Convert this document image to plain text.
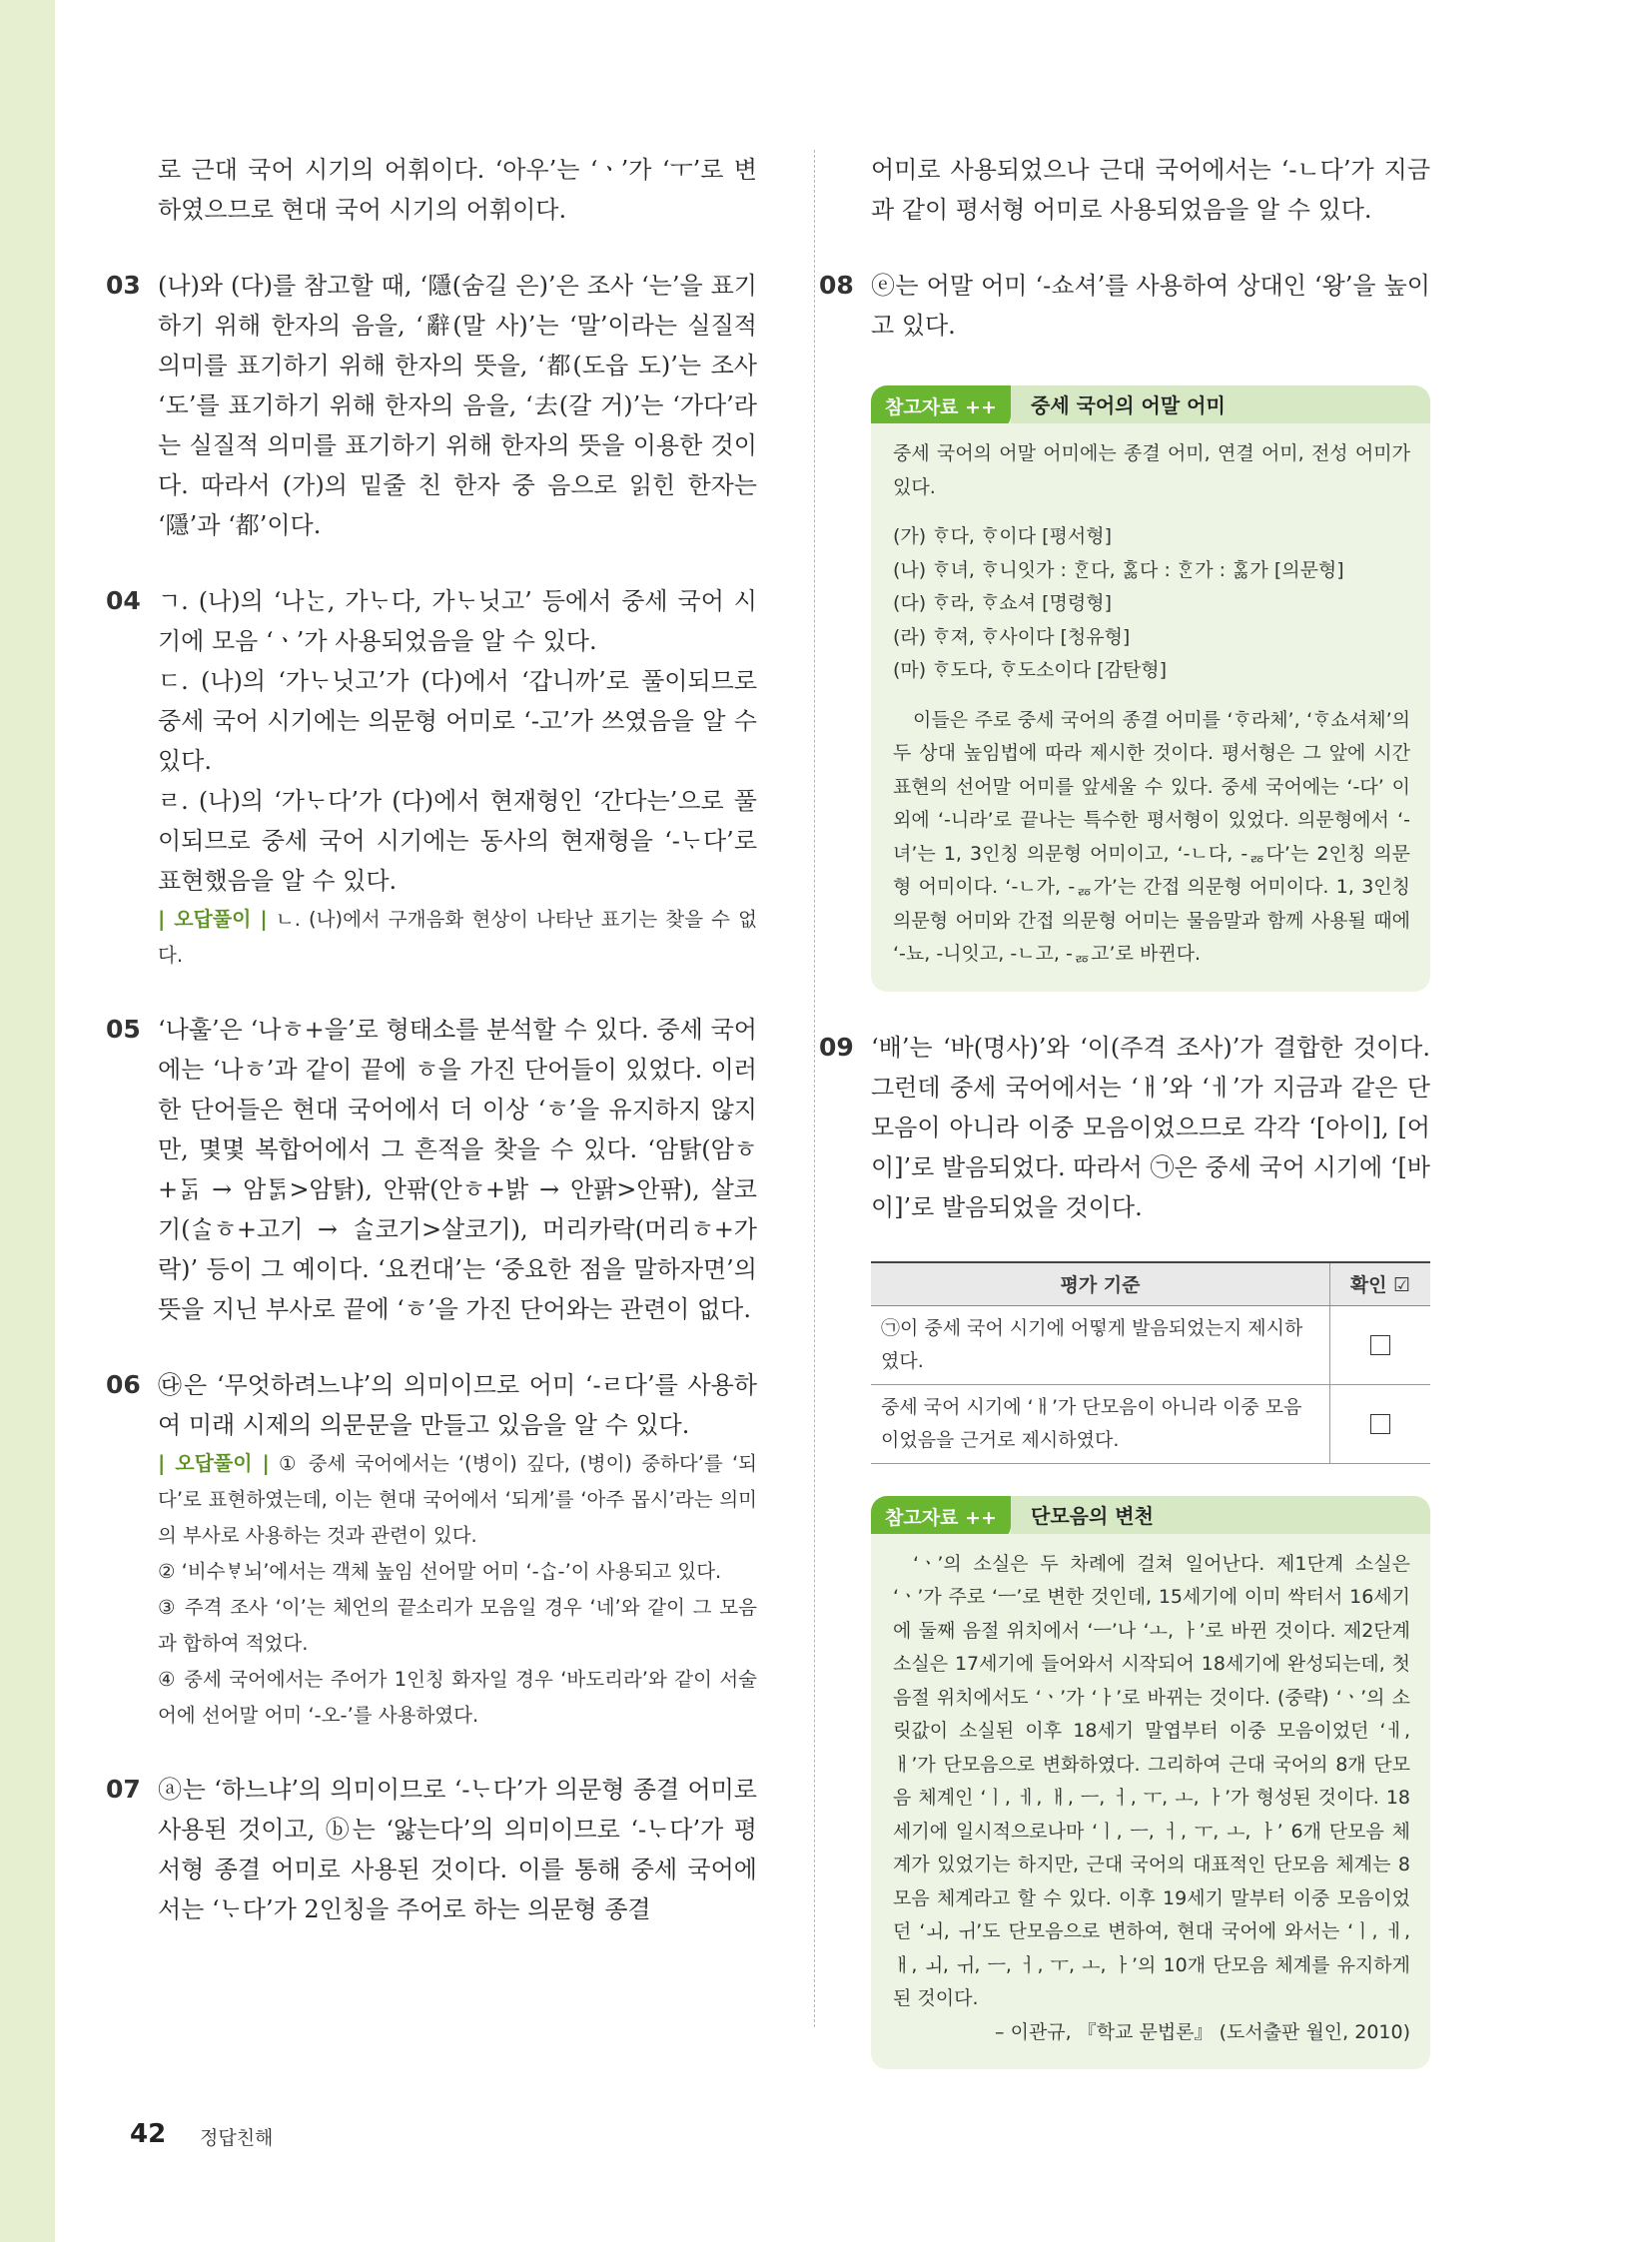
로 근대 국어 시기의 어휘이다. ‘아우’는 ‘ㆍ’가 ‘ㅜ’로 변하였으므로 현대 국어 시기의 어휘이다.

03 (나)와 (다)를 참고할 때, ‘隱(숨길 은)’은 조사 ‘는’을 표기하기 위해 한자의 음을, ‘辭(말 사)’는 ‘말’이라는 실질적 의미를 표기하기 위해 한자의 뜻을, ‘都(도읍 도)’는 조사 ‘도’를 표기하기 위해 한자의 음을, ‘去(갈 거)’는 ‘가다’라는 실질적 의미를 표기하기 위해 한자의 뜻을 이용한 것이다. 따라서 (가)의 밑줄 친 한자 중 음으로 읽힌 한자는 ‘隱’과 ‘都’이다.

04 ㄱ. (나)의 ‘나ᄂᆞᆫ, 가ᄂᆞ다, 가ᄂᆞ닛고’ 등에서 중세 국어 시기에 모음 ‘ㆍ’가 사용되었음을 알 수 있다.

ㄷ. (나)의 ‘가ᄂᆞ닛고’가 (다)에서 ‘갑니까’로 풀이되므로 중세 국어 시기에는 의문형 어미로 ‘-고’가 쓰였음을 알 수 있다.

ㄹ. (나)의 ‘가ᄂᆞ다’가 (다)에서 현재형인 ‘간다는’으로 풀이되므로 중세 국어 시기에는 동사의 현재형을 ‘-ᄂᆞ다’로 표현했음을 알 수 있다.

| 오답풀이 | ㄴ. (나)에서 구개음화 현상이 나타난 표기는 찾을 수 없다.

05 ‘나훌’은 ‘나ㅎ+을’로 형태소를 분석할 수 있다. 중세 국어에는 ‘나ㅎ’과 같이 끝에 ㅎ을 가진 단어들이 있었다. 이러한 단어들은 현대 국어에서 더 이상 ‘ㅎ’을 유지하지 않지만, 몇몇 복합어에서 그 흔적을 찾을 수 있다. ‘암탉(암ㅎ+ᄃᆞᆰ → 암ᄐᆞᆰ>암탉), 안팎(안ㅎ+밝 → 안팕>안팎), 살코기(ᄉᆞᆯㅎ+고기 → ᄉᆞᆯ코기>살코기), 머리카락(머리ㅎ+가락)’ 등이 그 예이다. ‘요컨대’는 ‘중요한 점을 말하자면’의 뜻을 지닌 부사로 끝에 ‘ㅎ’을 가진 단어와는 관련이 없다.

06 ㉰은 ‘무엇하려느냐’의 의미이므로 어미 ‘-ㄹ다’를 사용하여 미래 시제의 의문문을 만들고 있음을 알 수 있다.

| 오답풀이 | ① 중세 국어에서는 ‘(병이) 깊다, (병이) 중하다’를 ‘되다’로 표현하였는데, 이는 현대 국어에서 ‘되게’를 ‘아주 몹시’라는 의미의 부사로 사용하는 것과 관련이 있다.

② ‘비수ᄫᆞ뇌’에서는 객체 높임 선어말 어미 ‘-ᄉᆞᆸ-’이 사용되고 있다.

③ 주격 조사 ‘이’는 체언의 끝소리가 모음일 경우 ‘네’와 같이 그 모음과 합하여 적었다.

④ 중세 국어에서는 주어가 1인칭 화자일 경우 ‘바도리라’와 같이 서술어에 선어말 어미 ‘-오-’를 사용하였다.

07 ⓐ는 ‘하느냐’의 의미이므로 ‘-ᄂᆞ다’가 의문형 종결 어미로 사용된 것이고, ⓑ는 ‘앓는다’의 의미이므로 ‘-ᄂᆞ다’가 평서형 종결 어미로 사용된 것이다. 이를 통해 중세 국어에서는 ‘ᄂᆞ다’가 2인칭을 주어로 하는 의문형 종결

어미로 사용되었으나 근대 국어에서는 ‘-ㄴ다’가 지금과 같이 평서형 어미로 사용되었음을 알 수 있다.

08 ⓔ는 어말 어미 ‘-쇼셔’를 사용하여 상대인 ‘왕’을 높이고 있다.

참고자료 ++	중세 국어의 어말 어미

중세 국어의 어말 어미에는 종결 어미, 연결 어미, 전성 어미가 있다.

(가) ᄒᆞ다, ᄒᆞ이다 [평서형]

(나) ᄒᆞ녀, ᄒᆞ니잇가 : ᄒᆞᆫ다, ᄒᆞᇙ다 : ᄒᆞᆫ가 : ᄒᆞᇙ가 [의문형]

(다) ᄒᆞ라, ᄒᆞ쇼셔 [명령형]

(라) ᄒᆞ져, ᄒᆞ사이다 [청유형]

(마) ᄒᆞ도다, ᄒᆞ도소이다 [감탄형]

이들은 주로 중세 국어의 종결 어미를 ‘ᄒᆞ라체’, ‘ᄒᆞ쇼셔체’의 두 상대 높임법에 따라 제시한 것이다. 평서형은 그 앞에 시간 표현의 선어말 어미를 앞세울 수 있다. 중세 국어에는 ‘-다’ 이외에 ‘-니라’로 끝나는 특수한 평서형이 있었다. 의문형에서 ‘-녀’는 1, 3인칭 의문형 어미이고, ‘-ㄴ다, -ᇙ다’는 2인칭 의문형 어미이다. ‘-ㄴ가, -ᇙ가’는 간접 의문형 어미이다. 1, 3인칭 의문형 어미와 간접 의문형 어미는 물음말과 함께 사용될 때에 ‘-뇨, -니잇고, -ㄴ고, -ᇙ고’로 바뀐다.

09 ‘배’는 ‘바(명사)’와 ‘이(주격 조사)’가 결합한 것이다. 그런데 중세 국어에서는 ‘ㅐ’와 ‘ㅔ’가 지금과 같은 단모음이 아니라 이중 모음이었으므로 각각 ‘[아이], [어이]’로 발음되었다. 따라서 ㉠은 중세 국어 시기에 ‘[바이]’로 발음되었을 것이다.

평가 기준	확인 ☑
㉠이 중세 국어 시기에 어떻게 발음되었는지 제시하였다.	
중세 국어 시기에 ‘ㅐ’가 단모음이 아니라 이중 모음이었음을 근거로 제시하였다.	
참고자료 ++	단모음의 변천

‘ㆍ’의 소실은 두 차례에 걸쳐 일어난다. 제1단계 소실은 ‘ㆍ’가 주로 ‘ㅡ’로 변한 것인데, 15세기에 이미 싹터서 16세기에 둘째 음절 위치에서 ‘ㅡ’나 ‘ㅗ, ㅏ’로 바뀐 것이다. 제2단계 소실은 17세기에 들어와서 시작되어 18세기에 완성되는데, 첫 음절 위치에서도 ‘ㆍ’가 ‘ㅏ’로 바뀌는 것이다. (중략) ‘ㆍ’의 소릿값이 소실된 이후 18세기 말엽부터 이중 모음이었던 ‘ㅔ, ㅐ’가 단모음으로 변화하였다. 그리하여 근대 국어의 8개 단모음 체계인 ‘ㅣ, ㅔ, ㅐ, ㅡ, ㅓ, ㅜ, ㅗ, ㅏ’가 형성된 것이다. 18세기에 일시적으로나마 ‘ㅣ, ㅡ, ㅓ, ㅜ, ㅗ, ㅏ’ 6개 단모음 체계가 있었기는 하지만, 근대 국어의 대표적인 단모음 체계는 8모음 체계라고 할 수 있다. 이후 19세기 말부터 이중 모음이었던 ‘ㅚ, ㅟ’도 단모음으로 변하여, 현대 국어에 와서는 ‘ㅣ, ㅔ, ㅐ, ㅚ, ㅟ, ㅡ, ㅓ, ㅜ, ㅗ, ㅏ’의 10개 단모음 체계를 유지하게 된 것이다.

– 이관규, 『학교 문법론』 (도서출판 월인, 2010)

42 정답친해
